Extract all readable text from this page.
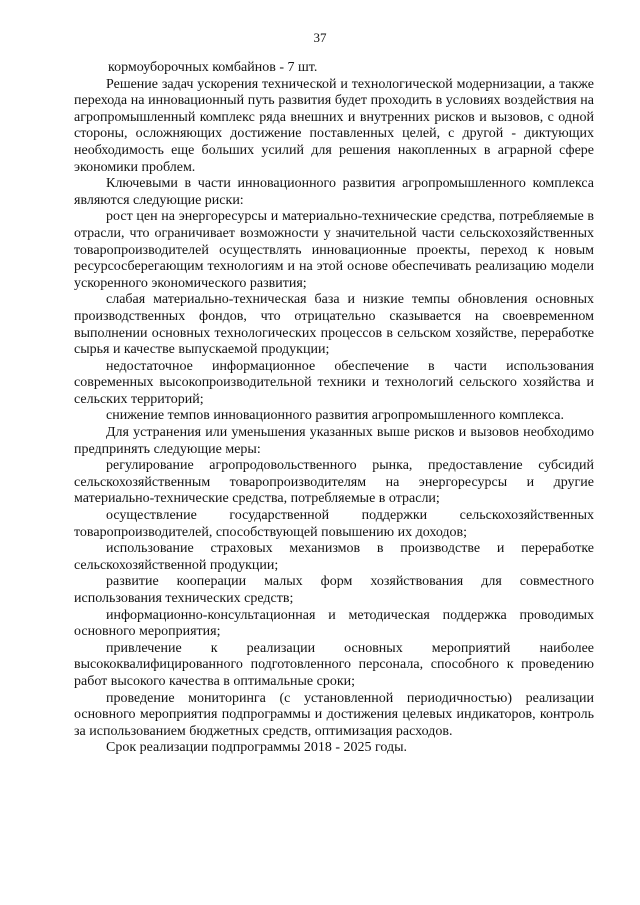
37

кормоуборочных комбайнов - 7 шт.

Решение задач ускорения технической и технологической модернизации, а также перехода на инновационный путь развития будет проходить в условиях воздействия на агропромышленный комплекс ряда внешних и внутренних рисков и вызовов, с одной стороны, осложняющих достижение поставленных целей, с другой - диктующих необходимость еще больших усилий для решения накопленных в аграрной сфере экономики проблем.

Ключевыми в части инновационного развития агропромышленного комплекса являются следующие риски:

рост цен на энергоресурсы и материально-технические средства, потребляемые в отрасли, что ограничивает возможности у значительной части сельскохозяйственных товаропроизводителей осуществлять инновационные проекты, переход к новым ресурсосберегающим технологиям и на этой основе обеспечивать реализацию модели ускоренного экономического развития;

слабая материально-техническая база и низкие темпы обновления основных производственных фондов, что отрицательно сказывается на своевременном выполнении основных технологических процессов в сельском хозяйстве, переработке сырья и качестве выпускаемой продукции;

недостаточное информационное обеспечение в части использования современных высокопроизводительной техники и технологий сельского хозяйства и сельских территорий;

снижение темпов инновационного развития агропромышленного комплекса.

Для устранения или уменьшения указанных выше рисков и вызовов необходимо предпринять следующие меры:

регулирование агропродовольственного рынка, предоставление субсидий сельскохозяйственным товаропроизводителям на энергоресурсы и другие материально-технические средства, потребляемые в отрасли;

осуществление государственной поддержки сельскохозяйственных товаропроизводителей, способствующей повышению их доходов;

использование страховых механизмов в производстве и переработке сельскохозяйственной продукции;

развитие кооперации малых форм хозяйствования для совместного использования технических средств;

информационно-консультационная и методическая поддержка проводимых основного мероприятия;

привлечение к реализации основных мероприятий наиболее высококвалифицированного подготовленного персонала, способного к проведению работ высокого качества в оптимальные сроки;

проведение мониторинга (с установленной периодичностью) реализации основного мероприятия подпрограммы и достижения целевых индикаторов, контроль за использованием бюджетных средств, оптимизация расходов.

Срок реализации подпрограммы 2018 - 2025 годы.
